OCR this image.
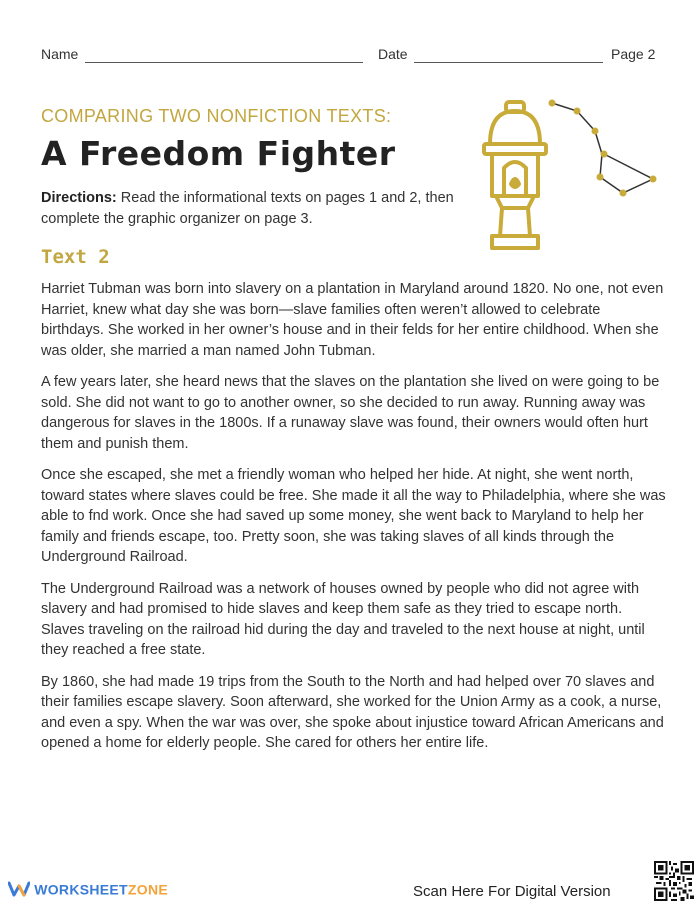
Name	Date	Page 2
COMPARING TWO NONFICTION TEXTS:
A Freedom Fighter
Directions: Read the informational texts on pages 1 and 2, then complete the graphic organizer on page 3.
Text 2

Harriet Tubman was born into slavery on a plantation in Maryland around 1820. No one, not even Harriet, knew what day she was born—slave families often weren’t allowed to celebrate birthdays. She worked in her owner’s house and in their felds for her entire childhood. When she was older, she married a man named John Tubman.

A few years later, she heard news that the slaves on the plantation she lived on were going to be sold. She did not want to go to another owner, so she decided to run away. Running away was dangerous for slaves in the 1800s. If a runaway slave was found, their owners would often hurt them and punish them.

Once she escaped, she met a friendly woman who helped her hide. At night, she went north, toward states where slaves could be free. She made it all the way to Philadelphia, where she was able to fnd work. Once she had saved up some money, she went back to Maryland to help her family and friends escape, too. Pretty soon, she was taking slaves of all kinds through the Underground Railroad.

The Underground Railroad was a network of houses owned by people who did not agree with slavery and had promised to hide slaves and keep them safe as they tried to escape north. Slaves traveling on the railroad hid during the day and traveled to the next house at night, until they reached a free state.

By 1860, she had made 19 trips from the South to the North and had helped over 70 slaves and their families escape slavery. Soon afterward, she worked for the Union Army as a cook, a nurse, and even a spy. When the war was over, she spoke about injustice toward African Americans and opened a home for elderly people. She cared for others her entire life.

WORKSHEETZONE	Scan Here For Digital Version
